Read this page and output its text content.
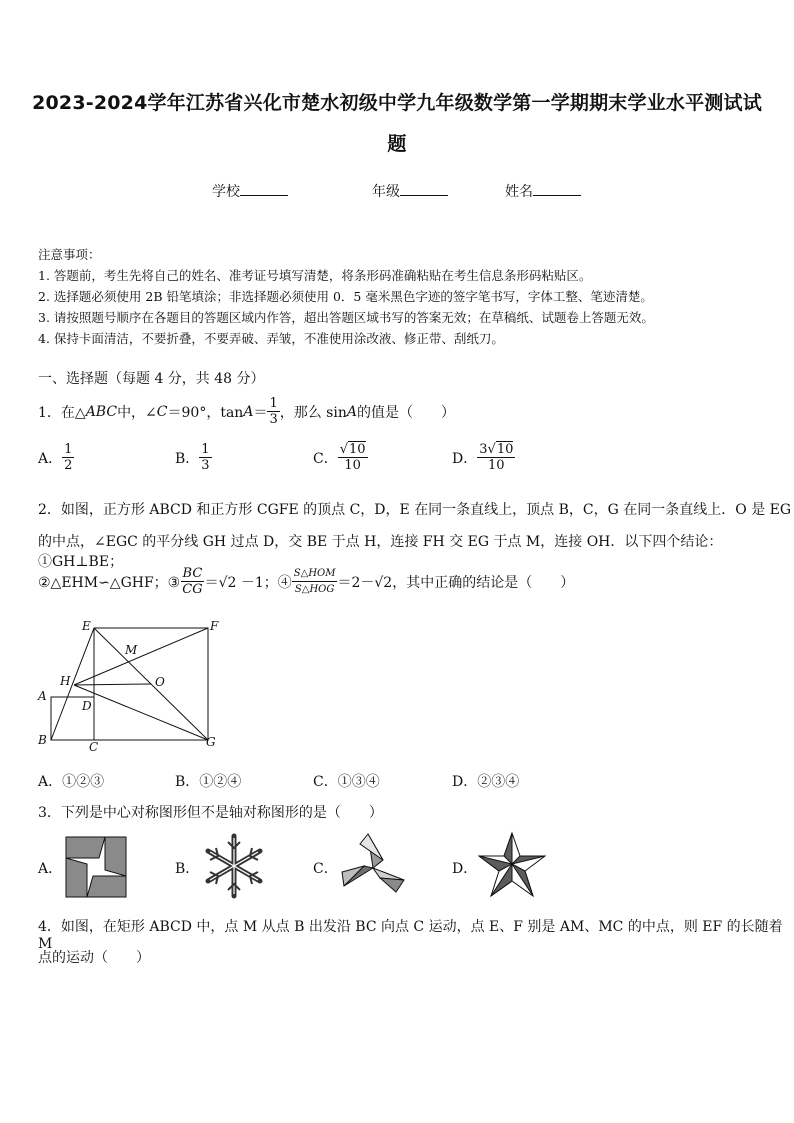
2023-2024学年江苏省兴化市楚水初级中学九年级数学第一学期期末学业水平测试试
题
学校	年级	姓名
注意事项：
1. 答题前，考生先将自己的姓名、准考证号填写清楚，将条形码准确粘贴在考生信息条形码粘贴区。
2. 选择题必须使用 2B 铅笔填涂；非选择题必须使用 0．5 毫米黑色字迹的签字笔书写，字体工整、笔迹清楚。
3. 请按照题号顺序在各题目的答题区域内作答，超出答题区域书写的答案无效；在草稿纸、试题卷上答题无效。
4. 保持卡面清洁，不要折叠，不要弄破、弄皱，不准使用涂改液、修正带、刮纸刀。
一、选择题（每题 4 分，共 48 分）
1．在△ ABC 中，∠ C ＝90°，$\tan A = \frac{1}{3}$ ，那么 sin A 的值是（　　）
A． $\frac{1}{2}$	B． $\frac{1}{3}$	C． $\frac{√10}{10}$	D． $\frac{3√10}{10}$
2．如图，正方形 ABCD 和正方形 CGFE 的顶点 C，D，E 在同一条直线上，顶点 B，C，G 在同一条直线上．O 是 EG
的中点，∠EGC 的平分线 GH 过点 D，交 BE 于点 H，连接 FH 交 EG 于点 M，连接 OH．以下四个结论：①GH⊥BE；
②△EHM∽△GHF；③ $\frac{BC}{CG} =√2 -1$；④ $\frac{\text{S△HOM}}{\text{S△HOG}} =2-√2$，其中正确的结论是（　　）
E	F
M
H	O
A
D
B	C	G
A．①②③	B．①②④	C．①③④	D．②③④
3．下列是中心对称图形但不是轴对称图形的是（　　）
A．	B．	C．	D．
4．如图，在矩形 ABCD 中，点 M 从点 B 出发沿 BC 向点 C 运动，点 E、F 别是 AM、MC 的中点，则 EF 的长随着 M
点的运动（　　）
